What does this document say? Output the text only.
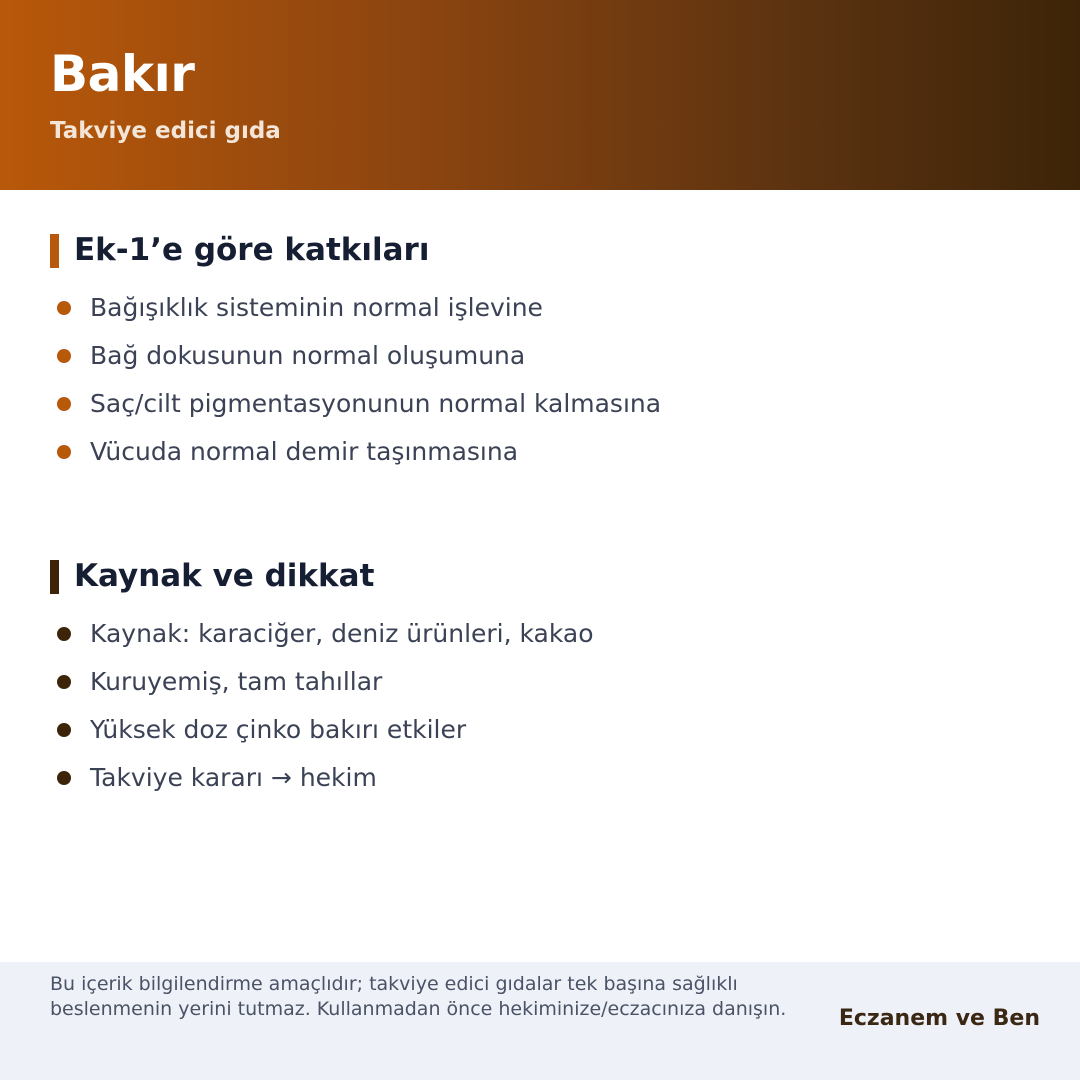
Bakır
Takviye edici gıda
Ek-1’e göre katkıları
Bağışıklık sisteminin normal işlevine
Bağ dokusunun normal oluşumuna
Saç/cilt pigmentasyonunun normal kalmasına
Vücuda normal demir taşınmasına
Kaynak ve dikkat
Kaynak: karaciğer, deniz ürünleri, kakao
Kuruyemiş, tam tahıllar
Yüksek doz çinko bakırı etkiler
Takviye kararı → hekim
Bu içerik bilgilendirme amaçlıdır; takviye edici gıdalar tek başına sağlıklı beslenmenin yerini tutmaz. Kullanmadan önce hekiminize/eczacınıza danışın.	Eczanem ve Ben
